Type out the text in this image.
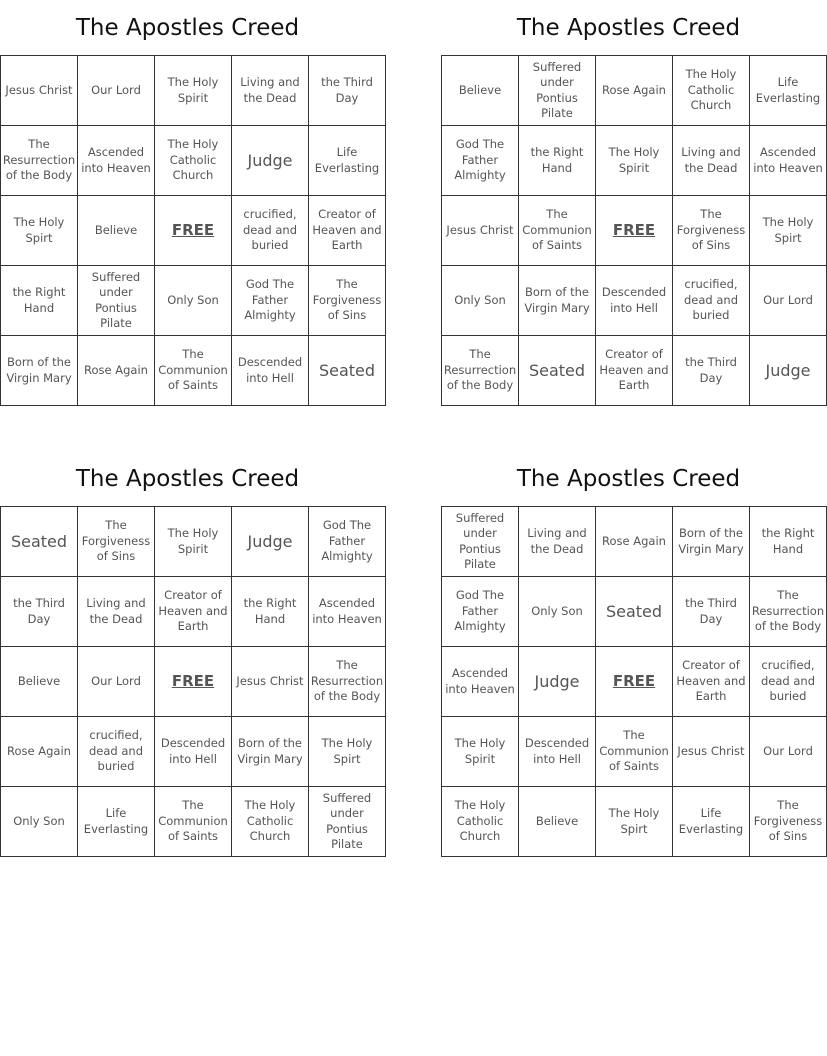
The Apostles Creed
Jesus Christ	Our Lord	The Holy Spirit	Living and the Dead	the Third Day
The Resurrection of the Body	Ascended into Heaven	The Holy Catholic Church	Judge	Life Everlasting
The Holy Spirt	Believe	FREE	crucified, dead and buried	Creator of Heaven and Earth
the Right Hand	Suffered under Pontius Pilate	Only Son	God The Father Almighty	The Forgiveness of Sins
Born of the Virgin Mary	Rose Again	The Communion of Saints	Descended into Hell	Seated
The Apostles Creed
Believe	Suffered under Pontius Pilate	Rose Again	The Holy Catholic Church	Life Everlasting
God The Father Almighty	the Right Hand	The Holy Spirit	Living and the Dead	Ascended into Heaven
Jesus Christ	The Communion of Saints	FREE	The Forgiveness of Sins	The Holy Spirt
Only Son	Born of the Virgin Mary	Descended into Hell	crucified, dead and buried	Our Lord
The Resurrection of the Body	Seated	Creator of Heaven and Earth	the Third Day	Judge
The Apostles Creed
Seated	The Forgiveness of Sins	The Holy Spirit	Judge	God The Father Almighty
the Third Day	Living and the Dead	Creator of Heaven and Earth	the Right Hand	Ascended into Heaven
Believe	Our Lord	FREE	Jesus Christ	The Resurrection of the Body
Rose Again	crucified, dead and buried	Descended into Hell	Born of the Virgin Mary	The Holy Spirt
Only Son	Life Everlasting	The Communion of Saints	The Holy Catholic Church	Suffered under Pontius Pilate
The Apostles Creed
Suffered under Pontius Pilate	Living and the Dead	Rose Again	Born of the Virgin Mary	the Right Hand
God The Father Almighty	Only Son	Seated	the Third Day	The Resurrection of the Body
Ascended into Heaven	Judge	FREE	Creator of Heaven and Earth	crucified, dead and buried
The Holy Spirit	Descended into Hell	The Communion of Saints	Jesus Christ	Our Lord
The Holy Catholic Church	Believe	The Holy Spirt	Life Everlasting	The Forgiveness of Sins
